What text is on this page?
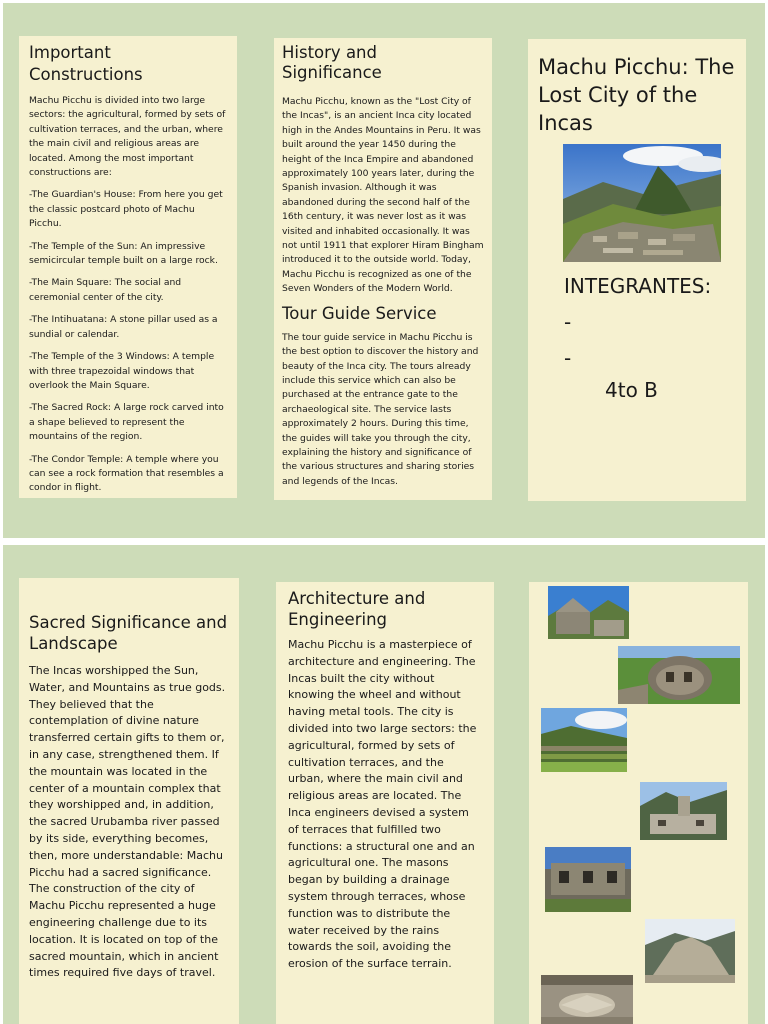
Important Constructions

Machu Picchu is divided into two large sectors: the agricultural, formed by sets of cultivation terraces, and the urban, where the main civil and religious areas are located. Among the most important constructions are:

-The Guardian's House: From here you get the classic postcard photo of Machu Picchu.

-The Temple of the Sun: An impressive semicircular temple built on a large rock.

-The Main Square: The social and ceremonial center of the city.

-The Intihuatana: A stone pillar used as a sundial or calendar.

-The Temple of the 3 Windows: A temple with three trapezoidal windows that overlook the Main Square.

-The Sacred Rock: A large rock carved into a shape believed to represent the mountains of the region.

-The Condor Temple: A temple where you can see a rock formation that resembles a condor in flight.

History and Significance

Machu Picchu, known as the "Lost City of the Incas", is an ancient Inca city located high in the Andes Mountains in Peru. It was built around the year 1450 during the height of the Inca Empire and abandoned approximately 100 years later, during the Spanish invasion. Although it was abandoned during the second half of the 16th century, it was never lost as it was visited and inhabited occasionally. It was not until 1911 that explorer Hiram Bingham introduced it to the outside world. Today, Machu Picchu is recognized as one of the Seven Wonders of the Modern World.

Tour Guide Service

The tour guide service in Machu Picchu is the best option to discover the history and beauty of the Inca city. The tours already include this service which can also be purchased at the entrance gate to the archaeological site. The service lasts approximately 2 hours. During this time, the guides will take you through the city, explaining the history and significance of the various structures and sharing stories and legends of the Incas.

Machu Picchu: The Lost City of the Incas
INTEGRANTES:
-
-
4to B
Sacred Significance and Landscape

The Incas worshipped the Sun, Water, and Mountains as true gods. They believed that the contemplation of divine nature transferred certain gifts to them or, in any case, strengthened them. If the mountain was located in the center of a mountain complex that they worshipped and, in addition, the sacred Urubamba river passed by its side, everything becomes, then, more understandable: Machu Picchu had a sacred significance. The construction of the city of Machu Picchu represented a huge engineering challenge due to its location. It is located on top of the sacred mountain, which in ancient times required five days of travel.

Architecture and Engineering

Machu Picchu is a masterpiece of architecture and engineering. The Incas built the city without knowing the wheel and without having metal tools. The city is divided into two large sectors: the agricultural, formed by sets of cultivation terraces, and the urban, where the main civil and religious areas are located. The Inca engineers devised a system of terraces that fulfilled two functions: a structural one and an agricultural one. The masons began by building a drainage system through terraces, whose function was to distribute the water received by the rains towards the soil, avoiding the erosion of the surface terrain.
